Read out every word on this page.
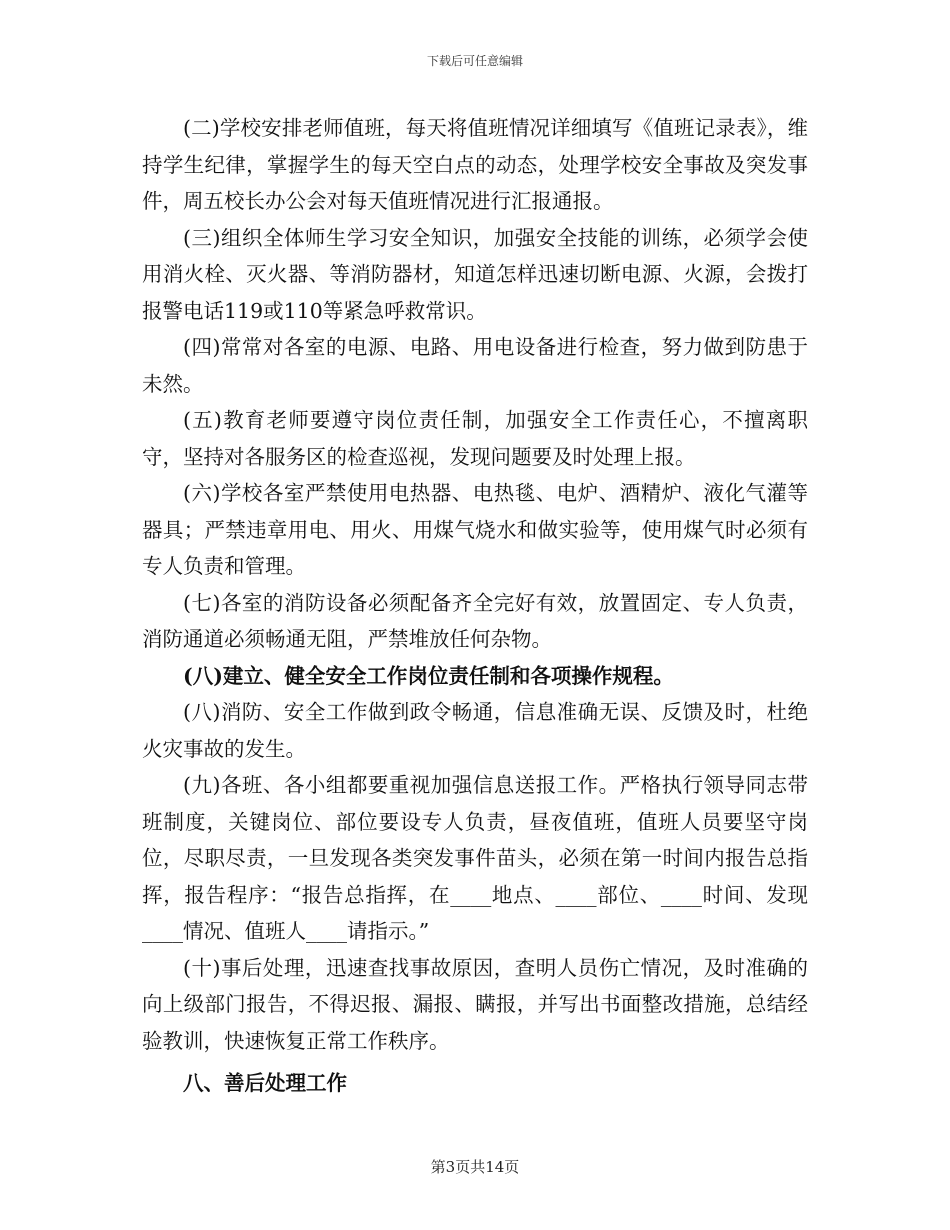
下载后可任意编辑

(二)学校安排老师值班，每天将值班情况详细填写《值班记录表》，维持学生纪律，掌握学生的每天空白点的动态，处理学校安全事故及突发事件，周五校长办公会对每天值班情况进行汇报通报。

(三)组织全体师生学习安全知识，加强安全技能的训练，必须学会使用消火栓、灭火器、等消防器材，知道怎样迅速切断电源、火源，会拨打报警电话119或110等紧急呼救常识。

(四)常常对各室的电源、电路、用电设备进行检查，努力做到防患于未然。

(五)教育老师要遵守岗位责任制，加强安全工作责任心，不擅离职守，坚持对各服务区的检查巡视，发现问题要及时处理上报。

(六)学校各室严禁使用电热器、电热毯、电炉、酒精炉、液化气灌等器具；严禁违章用电、用火、用煤气烧水和做实验等，使用煤气时必须有专人负责和管理。

(七)各室的消防设备必须配备齐全完好有效，放置固定、专人负责，消防通道必须畅通无阻，严禁堆放任何杂物。

(八)建立、健全安全工作岗位责任制和各项操作规程。

(八)消防、安全工作做到政令畅通，信息准确无误、反馈及时，杜绝火灾事故的发生。

(九)各班、各小组都要重视加强信息送报工作。严格执行领导同志带班制度，关键岗位、部位要设专人负责，昼夜值班，值班人员要坚守岗位，尽职尽责，一旦发现各类突发事件苗头，必须在第一时间内报告总指挥，报告程序：“报告总指挥，在____地点、____部位、____时间、发现____情况、值班人____请指示。”

(十)事后处理，迅速查找事故原因，查明人员伤亡情况，及时准确的向上级部门报告，不得迟报、漏报、瞒报，并写出书面整改措施，总结经验教训，快速恢复正常工作秩序。

八、善后处理工作

第3页共14页
